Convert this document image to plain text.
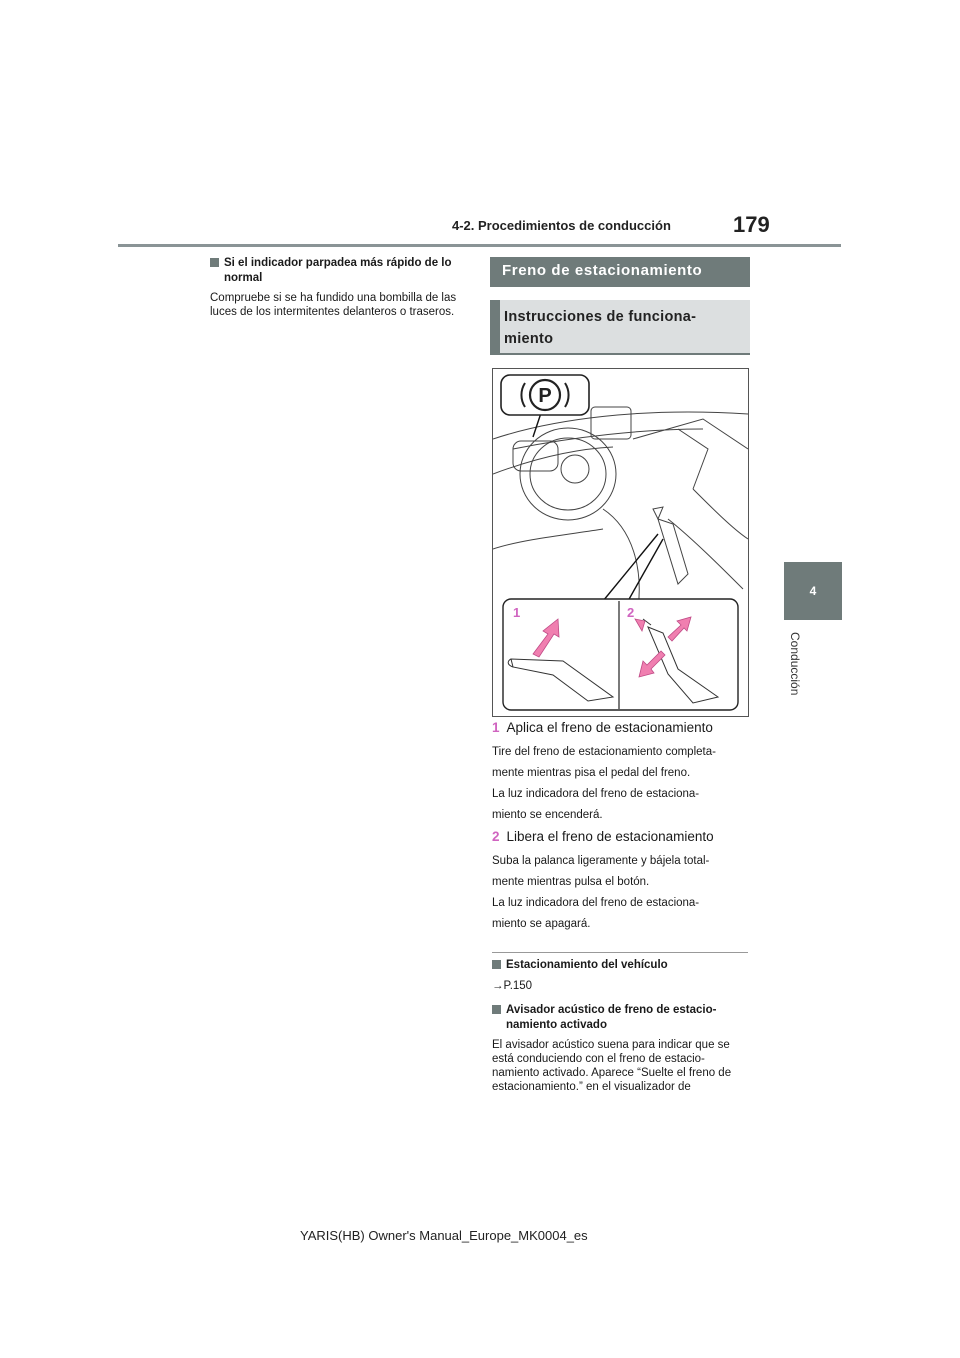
4-2. Procedimientos de conducción	179
4
Conducción
Si el indicador parpadea más rápido de lo normal
Compruebe si se ha fundido una bombilla de las luces de los intermitentes delanteros o traseros.
Freno de estacionamiento
Instrucciones de funciona-
miento
P
1	2
1 Aplica el freno de estacionamiento
Tire del freno de estacionamiento completa-
mente mientras pisa el pedal del freno.
La luz indicadora del freno de estaciona-
miento se encenderá.
2 Libera el freno de estacionamiento
Suba la palanca ligeramente y bájela total-
mente mientras pulsa el botón.
La luz indicadora del freno de estaciona-
miento se apagará.
Estacionamiento del vehículo
→P.150
Avisador acústico de freno de estacio-namiento activado
El avisador acústico suena para indicar que se está conduciendo con el freno de estacio-namiento activado. Aparece “Suelte el freno de estacionamiento.” en el visualizador de
YARIS(HB) Owner's Manual_Europe_MK0004_es
